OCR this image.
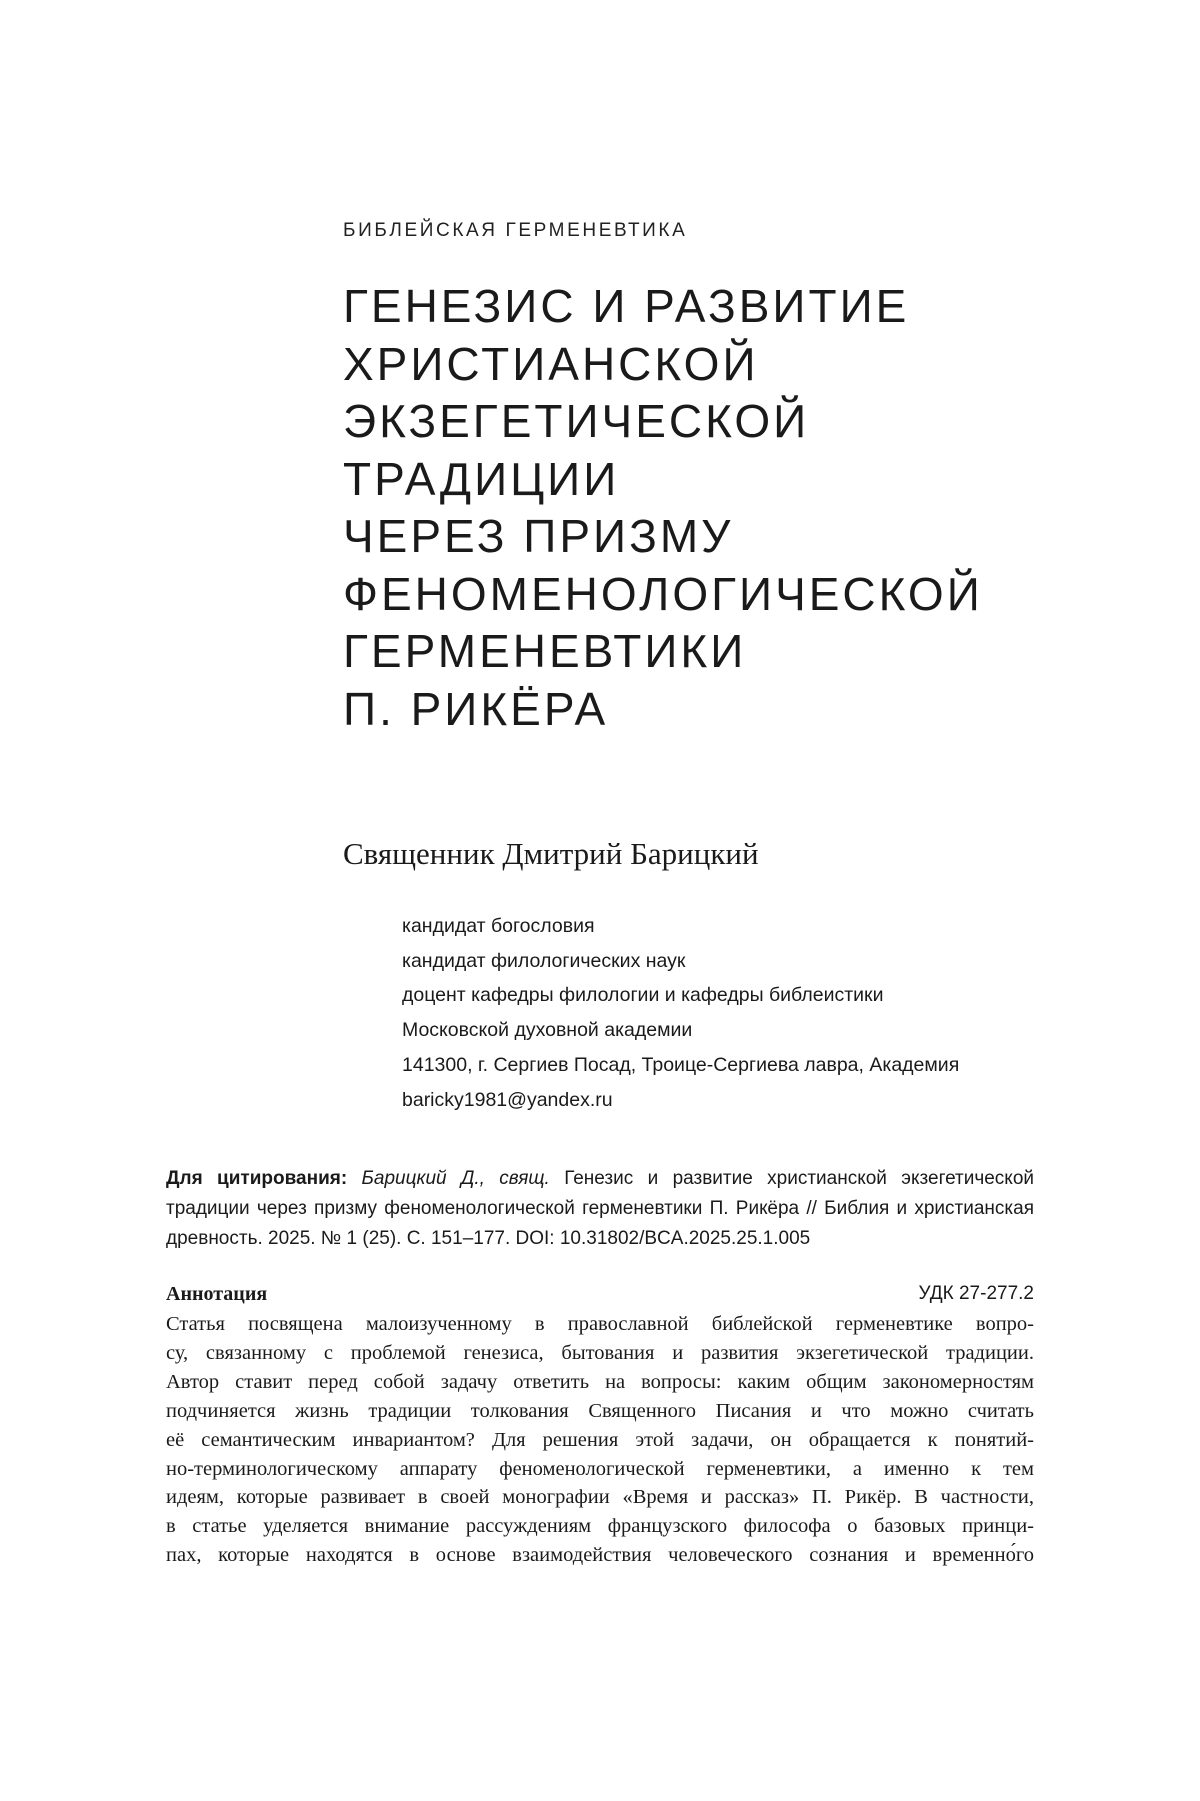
БИБЛЕЙСКАЯ ГЕРМЕНЕВТИКА
ГЕНЕЗИС И РАЗВИТИЕ
ХРИСТИАНСКОЙ
ЭКЗЕГЕТИЧЕСКОЙ
ТРАДИЦИИ
ЧЕРЕЗ ПРИЗМУ
ФЕНОМЕНОЛОГИЧЕСКОЙ
ГЕРМЕНЕВТИКИ
П. РИКЁРА
Священник Дмитрий Барицкий
кандидат богословия
кандидат филологических наук
доцент кафедры филологии и кафедры библеистики
Московской духовной академии
141300, г. Сергиев Посад, Троице-Сергиева лавра, Академия
baricky1981@yandex.ru
Для цитирования: Барицкий Д., свящ. Генезис и развитие христианской экзегетической традиции через призму феноменологической герменевтики П. Рикёра // Библия и христианская древность. 2025. № 1 (25). С. 151–177. DOI: 10.31802/BCA.2025.25.1.005
Аннотация	УДК 27-277.2
Статья посвящена малоизученному в православной библейской герменевтике вопро-
су, связанному с проблемой генезиса, бытования и развития экзегетической традиции.
Автор ставит перед собой задачу ответить на вопросы: каким общим закономерностям
подчиняется жизнь традиции толкования Священного Писания и что можно считать
её семантическим инвариантом? Для решения этой задачи, он обращается к понятий-
но-терминологическому аппарату феноменологической герменевтики, а именно к тем
идеям, которые развивает в своей монографии «Время и рассказ» П. Рикёр. В частности,
в статье уделяется внимание рассуждениям французского философа о базовых принци-
пах, которые находятся в основе взаимодействия человеческого сознания и временно́го
